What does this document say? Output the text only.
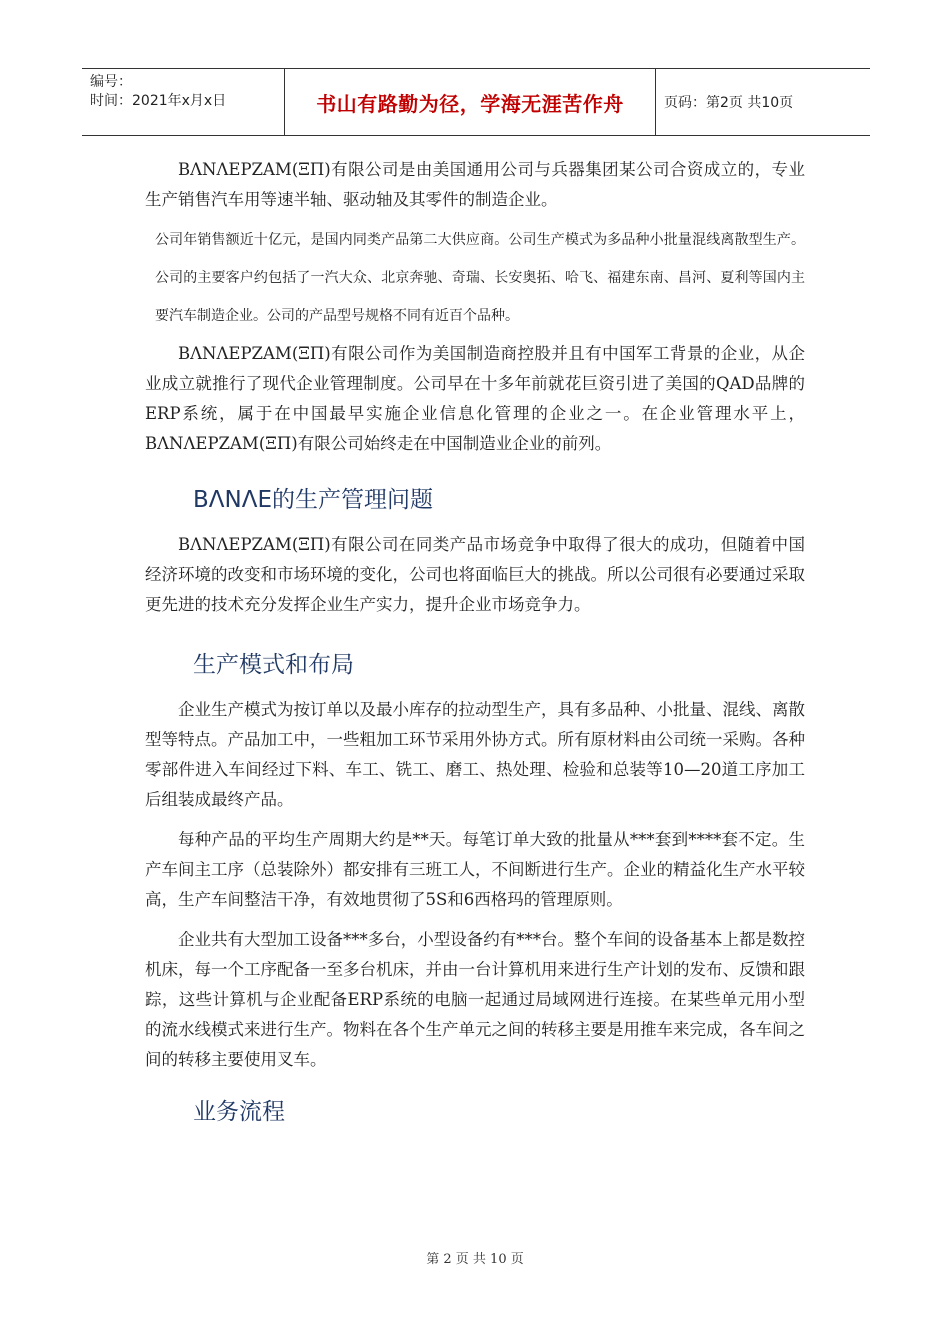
编号：
时间：2021年x月x日	书山有路勤为径，学海无涯苦作舟	页码：第2页 共10页

BΛNΛEPZAM(ΞΠ)有限公司是由美国通用公司与兵器集团某公司合资成立的，专业生产销售汽车用等速半轴、驱动轴及其零件的制造企业。

公司年销售额近十亿元，是国内同类产品第二大供应商。公司生产模式为多品种小批量混线离散型生产。公司的主要客户约包括了一汽大众、北京奔驰、奇瑞、长安奥拓、哈飞、福建东南、昌河、夏利等国内主要汽车制造企业。公司的产品型号规格不同有近百个品种。

BΛNΛEPZAM(ΞΠ)有限公司作为美国制造商控股并且有中国军工背景的企业，从企业成立就推行了现代企业管理制度。公司早在十多年前就花巨资引进了美国的QAD品牌的ERP系统，属于在中国最早实施企业信息化管理的企业之一。在企业管理水平上，BΛNΛEPZAM(ΞΠ)有限公司始终走在中国制造业企业的前列。

BΛNΛE的生产管理问题

BΛNΛEPZAM(ΞΠ)有限公司在同类产品市场竞争中取得了很大的成功，但随着中国经济环境的改变和市场环境的变化，公司也将面临巨大的挑战。所以公司很有必要通过采取更先进的技术充分发挥企业生产实力，提升企业市场竞争力。

生产模式和布局

企业生产模式为按订单以及最小库存的拉动型生产，具有多品种、小批量、混线、离散型等特点。产品加工中，一些粗加工环节采用外协方式。所有原材料由公司统一采购。各种零部件进入车间经过下料、车工、铣工、磨工、热处理、检验和总装等10—20道工序加工后组装成最终产品。

每种产品的平均生产周期大约是**天。每笔订单大致的批量从***套到****套不定。生产车间主工序（总装除外）都安排有三班工人，不间断进行生产。企业的精益化生产水平较高，生产车间整洁干净，有效地贯彻了5S和6西格玛的管理原则。

企业共有大型加工设备***多台，小型设备约有***台。整个车间的设备基本上都是数控机床，每一个工序配备一至多台机床，并由一台计算机用来进行生产计划的发布、反馈和跟踪，这些计算机与企业配备ERP系统的电脑一起通过局域网进行连接。在某些单元用小型的流水线模式来进行生产。物料在各个生产单元之间的转移主要是用推车来完成，各车间之间的转移主要使用叉车。

业务流程
第 2 页 共 10 页
